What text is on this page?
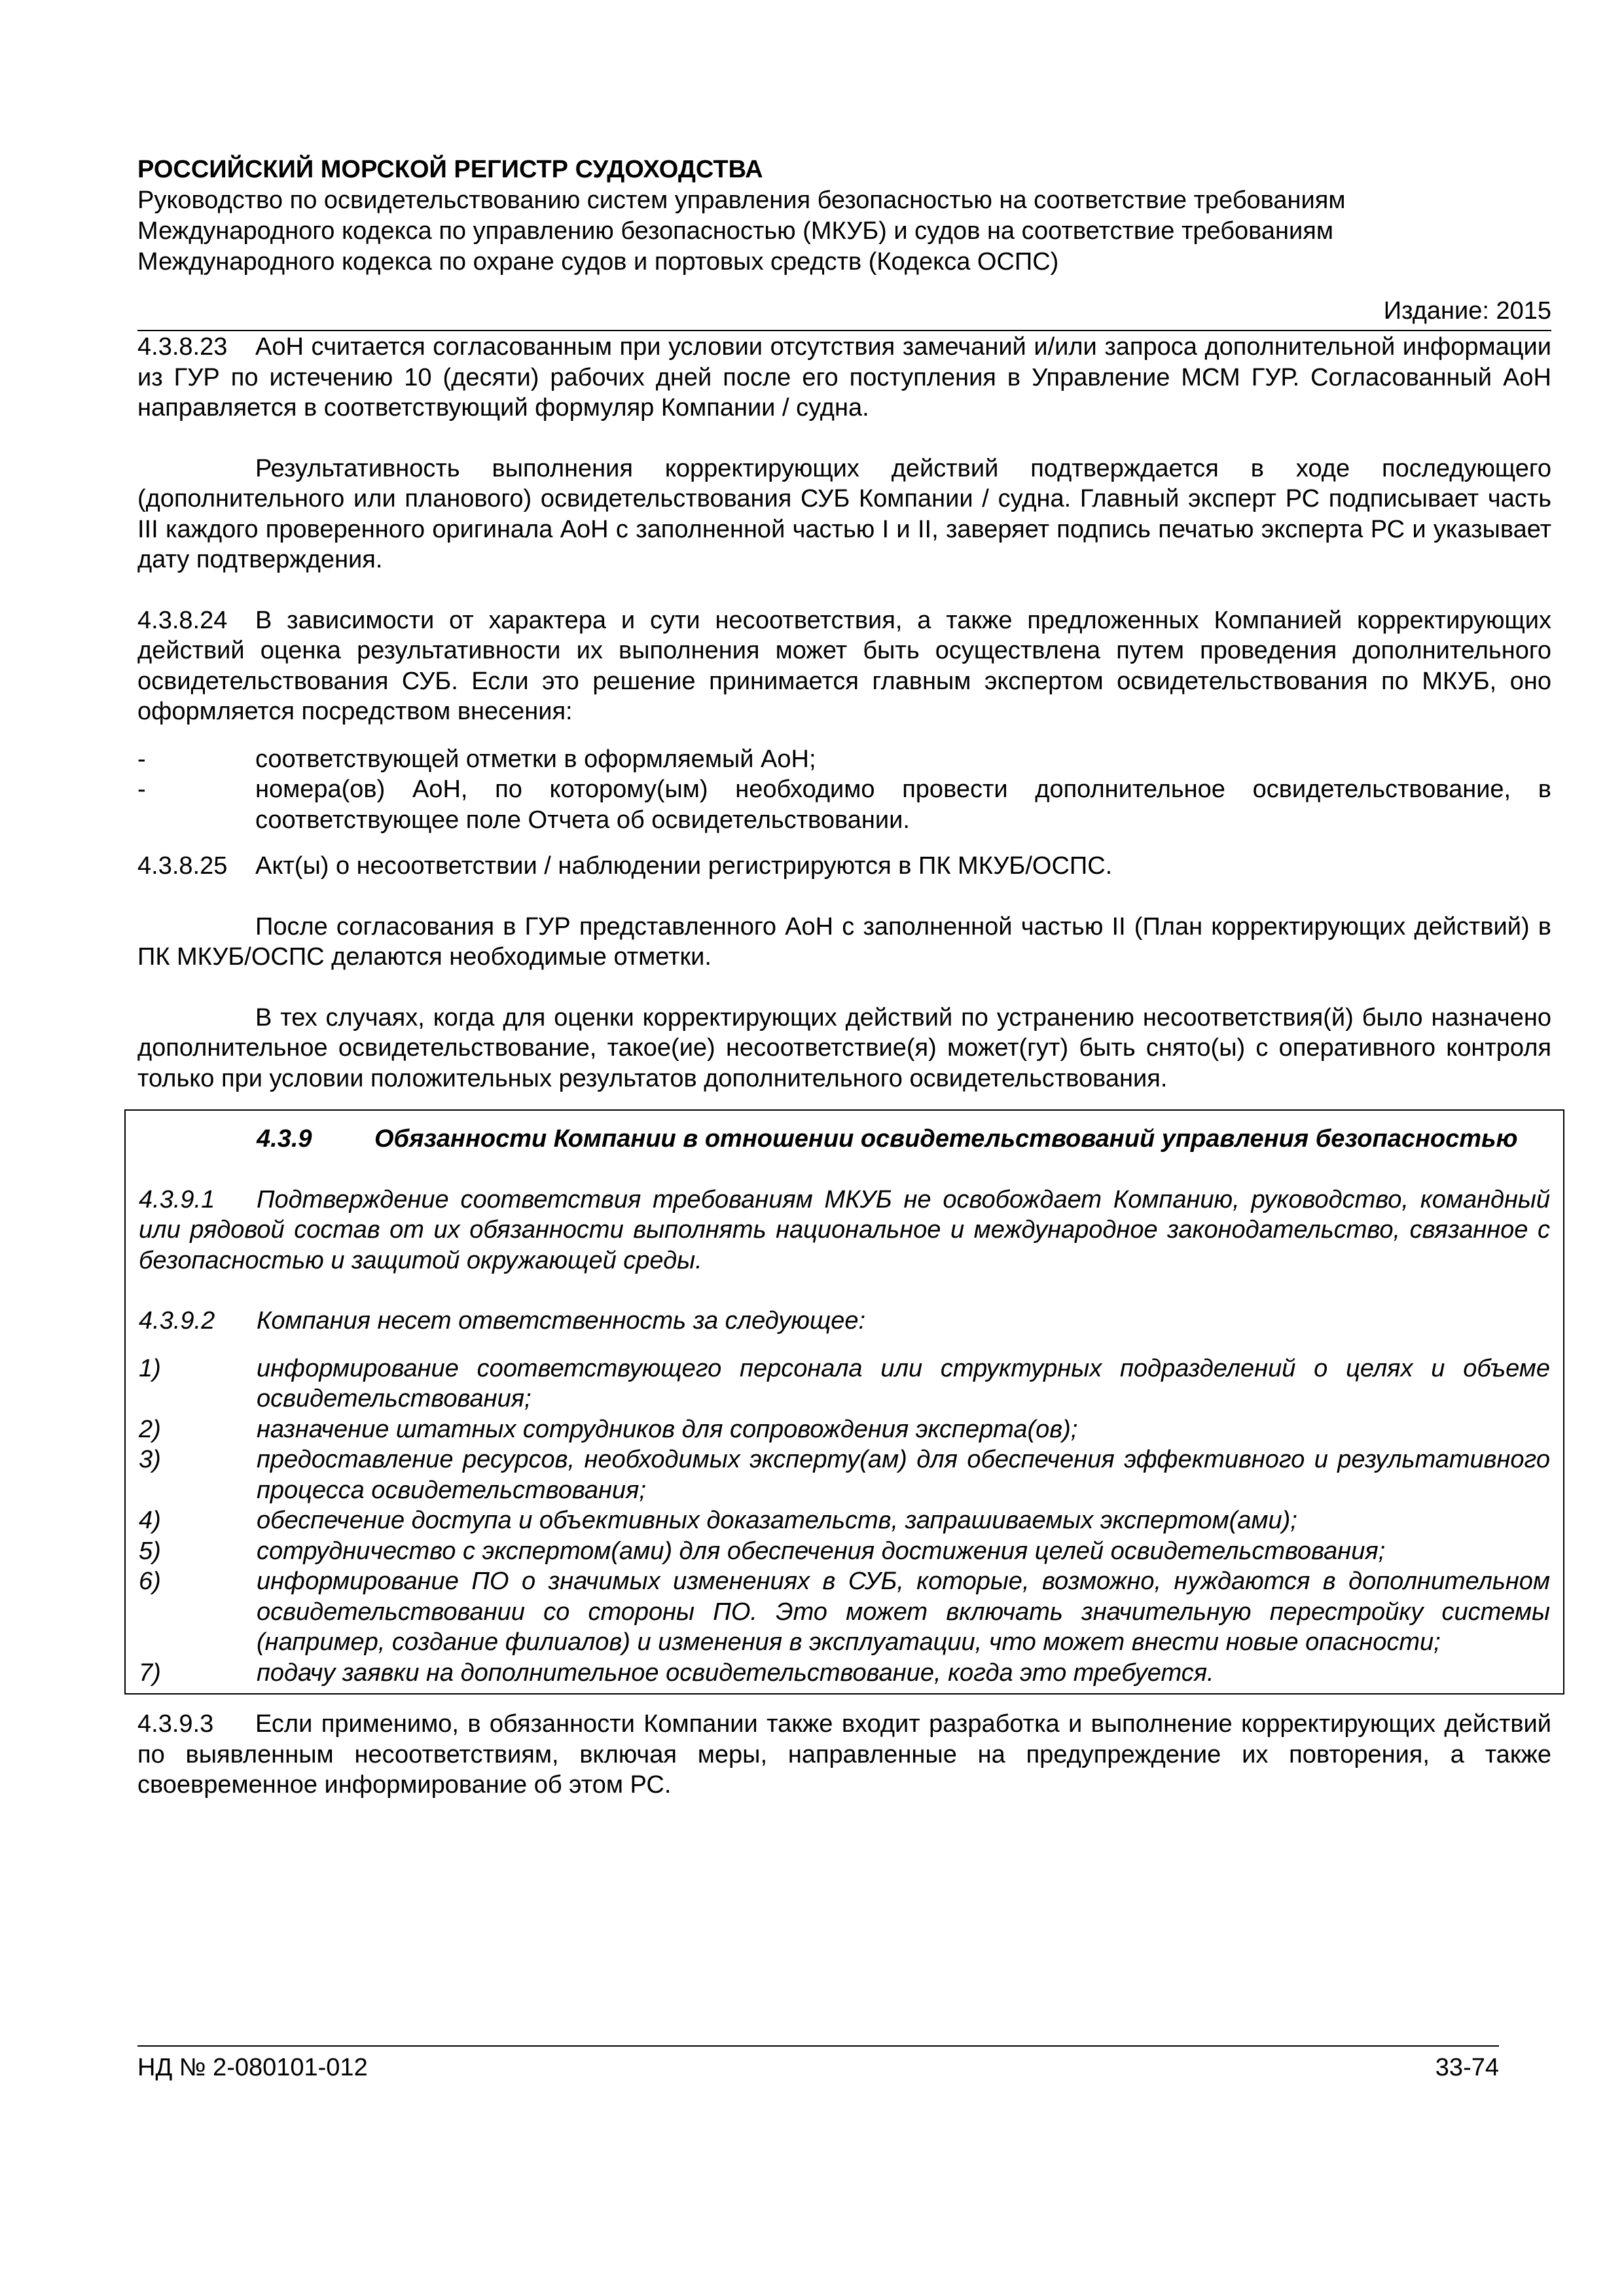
РОССИЙСКИЙ МОРСКОЙ РЕГИСТР СУДОХОДСТВА
Руководство по освидетельствованию систем управления безопасностью на соответствие требованиям
Международного кодекса по управлению безопасностью (МКУБ) и судов на соответствие требованиям
Международного кодекса по охране судов и портовых средств (Кодекса ОСПС)
Издание: 2015

4.3.8.23 АоН считается согласованным при условии отсутствия замечаний и/или запроса дополнительной информации из ГУР по истечению 10 (десяти) рабочих дней после его поступления в Управление МСМ ГУР. Согласованный АоН направляется в соответствующий формуляр Компании / судна.

Результативность выполнения корректирующих действий подтверждается в ходе последующего (дополнительного или планового) освидетельствования СУБ Компании / судна. Главный эксперт РС подписывает часть III каждого проверенного оригинала АоН с заполненной частью I и II, заверяет подпись печатью эксперта РС и указывает дату подтверждения.

4.3.8.24 В зависимости от характера и сути несоответствия, а также предложенных Компанией корректирующих действий оценка результативности их выполнения может быть осуществлена путем проведения дополнительного освидетельствования СУБ. Если это решение принимается главным экспертом освидетельствования по МКУБ, оно оформляется посредством внесения:

-	соответствующей отметки в оформляемый АоН;
-	номера(ов) АоН, по которому(ым) необходимо провести дополнительное освидетельствование, в соответствующее поле Отчета об освидетельствовании.

4.3.8.25 Акт(ы) о несоответствии / наблюдении регистрируются в ПК МКУБ/ОСПС.

После согласования в ГУР представленного АоН с заполненной частью II (План корректирующих действий) в ПК МКУБ/ОСПС делаются необходимые отметки.

В тех случаях, когда для оценки корректирующих действий по устранению несоответствия(й) было назначено дополнительное освидетельствование, такое(ие) несоответствие(я) может(гут) быть снято(ы) с оперативного контроля только при условии положительных результатов дополнительного освидетельствования.

4.3.9	Обязанности Компании в отношении освидетельствований управления безопасностью

4.3.9.1 Подтверждение соответствия требованиям МКУБ не освобождает Компанию, руководство, командный или рядовой состав от их обязанности выполнять национальное и международное законодательство, связанное с безопасностью и защитой окружающей среды.

4.3.9.2 Компания несет ответственность за следующее:

1)	информирование соответствующего персонала или структурных подразделений о целях и объеме освидетельствования;
2)	назначение штатных сотрудников для сопровождения эксперта(ов);
3)	предоставление ресурсов, необходимых эксперту(ам) для обеспечения эффективного и результативного процесса освидетельствования;
4)	обеспечение доступа и объективных доказательств, запрашиваемых экспертом(ами);
5)	сотрудничество с экспертом(ами) для обеспечения достижения целей освидетельствования;
6)	информирование ПО о значимых изменениях в СУБ, которые, возможно, нуждаются в дополнительном освидетельствовании со стороны ПО. Это может включать значительную перестройку системы (например, создание филиалов) и изменения в эксплуатации, что может внести новые опасности;
7)	подачу заявки на дополнительное освидетельствование, когда это требуется.

4.3.9.3 Если применимо, в обязанности Компании также входит разработка и выполнение корректирующих действий по выявленным несоответствиям, включая меры, направленные на предупреждение их повторения, а также своевременное информирование об этом РС.

НД № 2-080101-012	33-74
